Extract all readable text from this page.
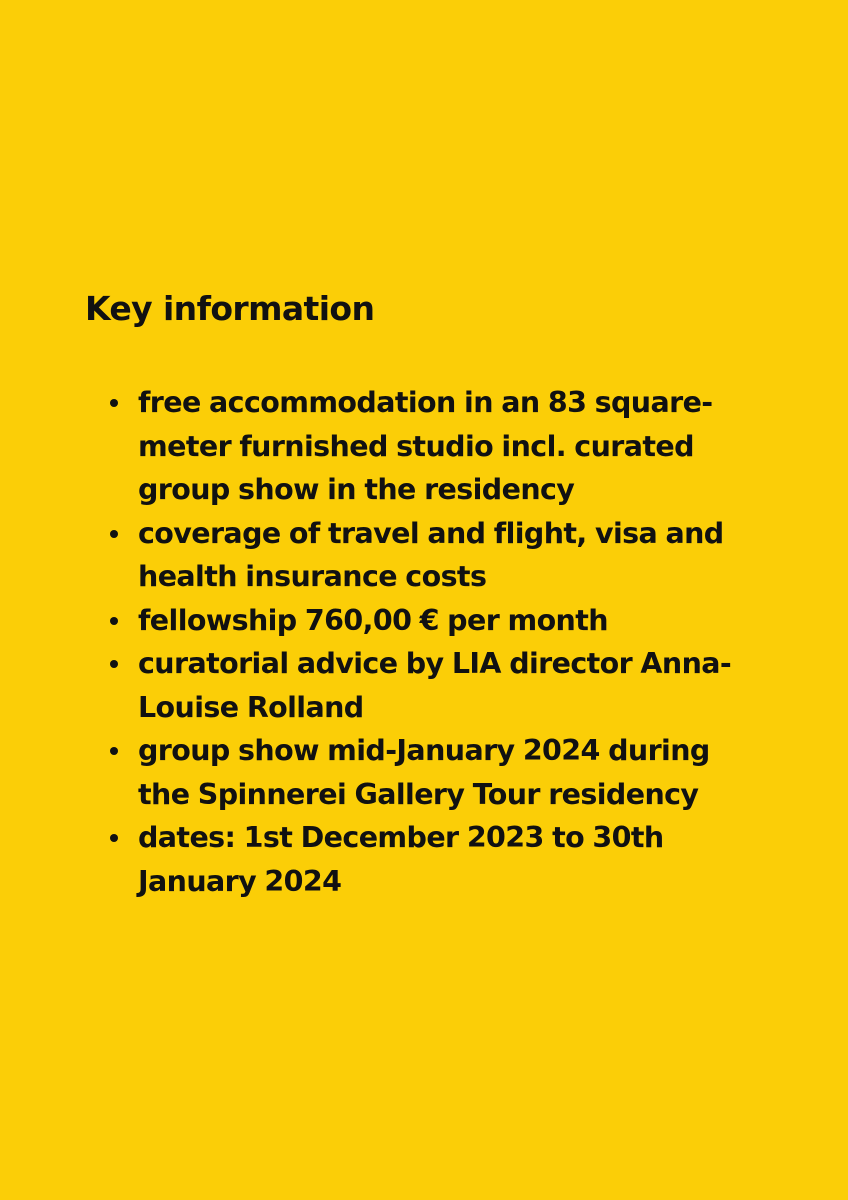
Key information
free accommodation in an 83 square-meter furnished studio incl. curated group show in the residency
coverage of travel and flight, visa and health insurance costs
fellowship 760,00 € per month
curatorial advice by LIA director Anna-Louise Rolland
group show mid-January 2024 during the Spinnerei Gallery Tour residency
dates: 1st December 2023 to 30th January 2024
